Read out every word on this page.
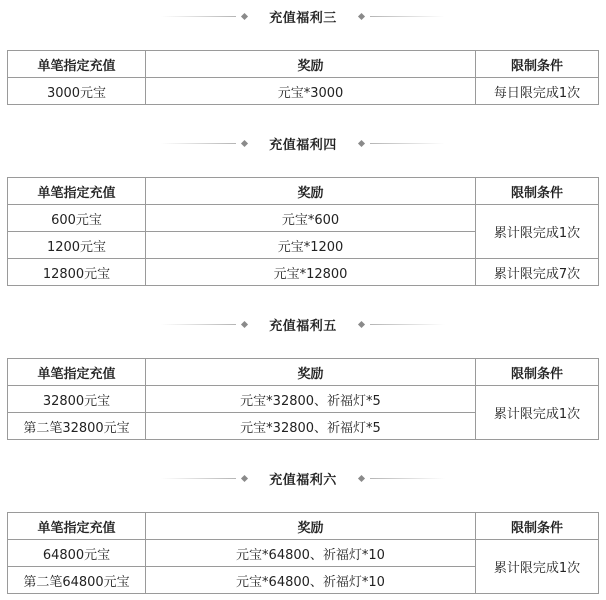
充值福利三
单笔指定充值	奖励	限制条件
3000元宝	元宝*3000	每日限完成1次
充值福利四
单笔指定充值	奖励	限制条件
600元宝	元宝*600	累计限完成1次
1200元宝	元宝*1200	
12800元宝	元宝*12800	累计限完成7次
充值福利五
单笔指定充值	奖励	限制条件
32800元宝	元宝*32800、祈福灯*5	累计限完成1次
第二笔32800元宝	元宝*32800、祈福灯*5	
充值福利六
单笔指定充值	奖励	限制条件
64800元宝	元宝*64800、祈福灯*10	累计限完成1次
第二笔64800元宝	元宝*64800、祈福灯*10	
